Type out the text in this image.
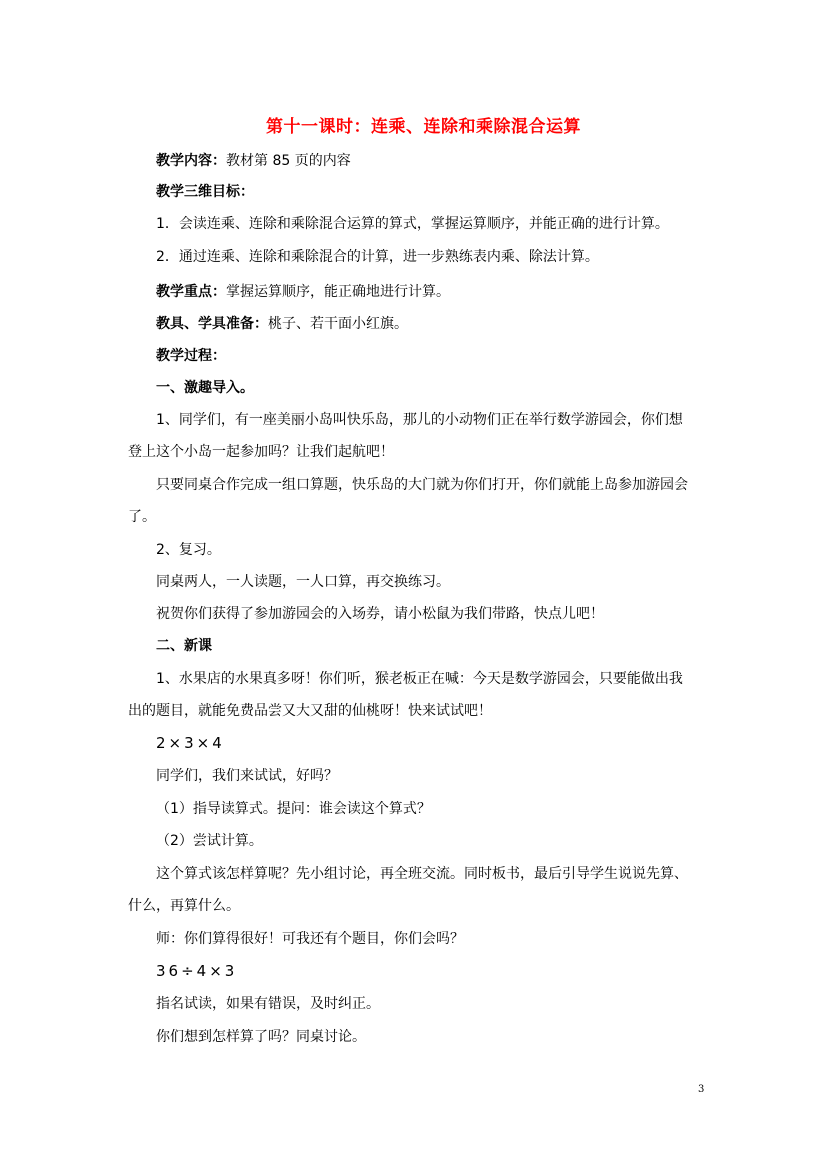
第十一课时：连乘、连除和乘除混合运算
教学内容：教材第 85 页的内容
教学三维目标：
1．会读连乘、连除和乘除混合运算的算式，掌握运算顺序，并能正确的进行计算。
2．通过连乘、连除和乘除混合的计算，进一步熟练表内乘、除法计算。
教学重点：掌握运算顺序，能正确地进行计算。
教具、学具准备：桃子、若干面小红旗。
教学过程：
一、激趣导入。
1、同学们，有一座美丽小岛叫快乐岛，那儿的小动物们正在举行数学游园会，你们想
登上这个小岛一起参加吗？让我们起航吧！
只要同桌合作完成一组口算题，快乐岛的大门就为你们打开，你们就能上岛参加游园会
了。
2、复习。
同桌两人，一人读题，一人口算，再交换练习。
祝贺你们获得了参加游园会的入场券，请小松鼠为我们带路，快点儿吧！
二、新课
1、水果店的水果真多呀！你们听，猴老板正在喊：今天是数学游园会，只要能做出我
出的题目，就能免费品尝又大又甜的仙桃呀！快来试试吧！
2×3×4
同学们，我们来试试，好吗？
（1）指导读算式。提问：谁会读这个算式？
（2）尝试计算。
这个算式该怎样算呢？先小组讨论，再全班交流。同时板书，最后引导学生说说先算、
什么，再算什么。
师：你们算得很好！可我还有个题目，你们会吗？
36÷4×3
指名试读，如果有错误，及时纠正。
你们想到怎样算了吗？同桌讨论。
3
